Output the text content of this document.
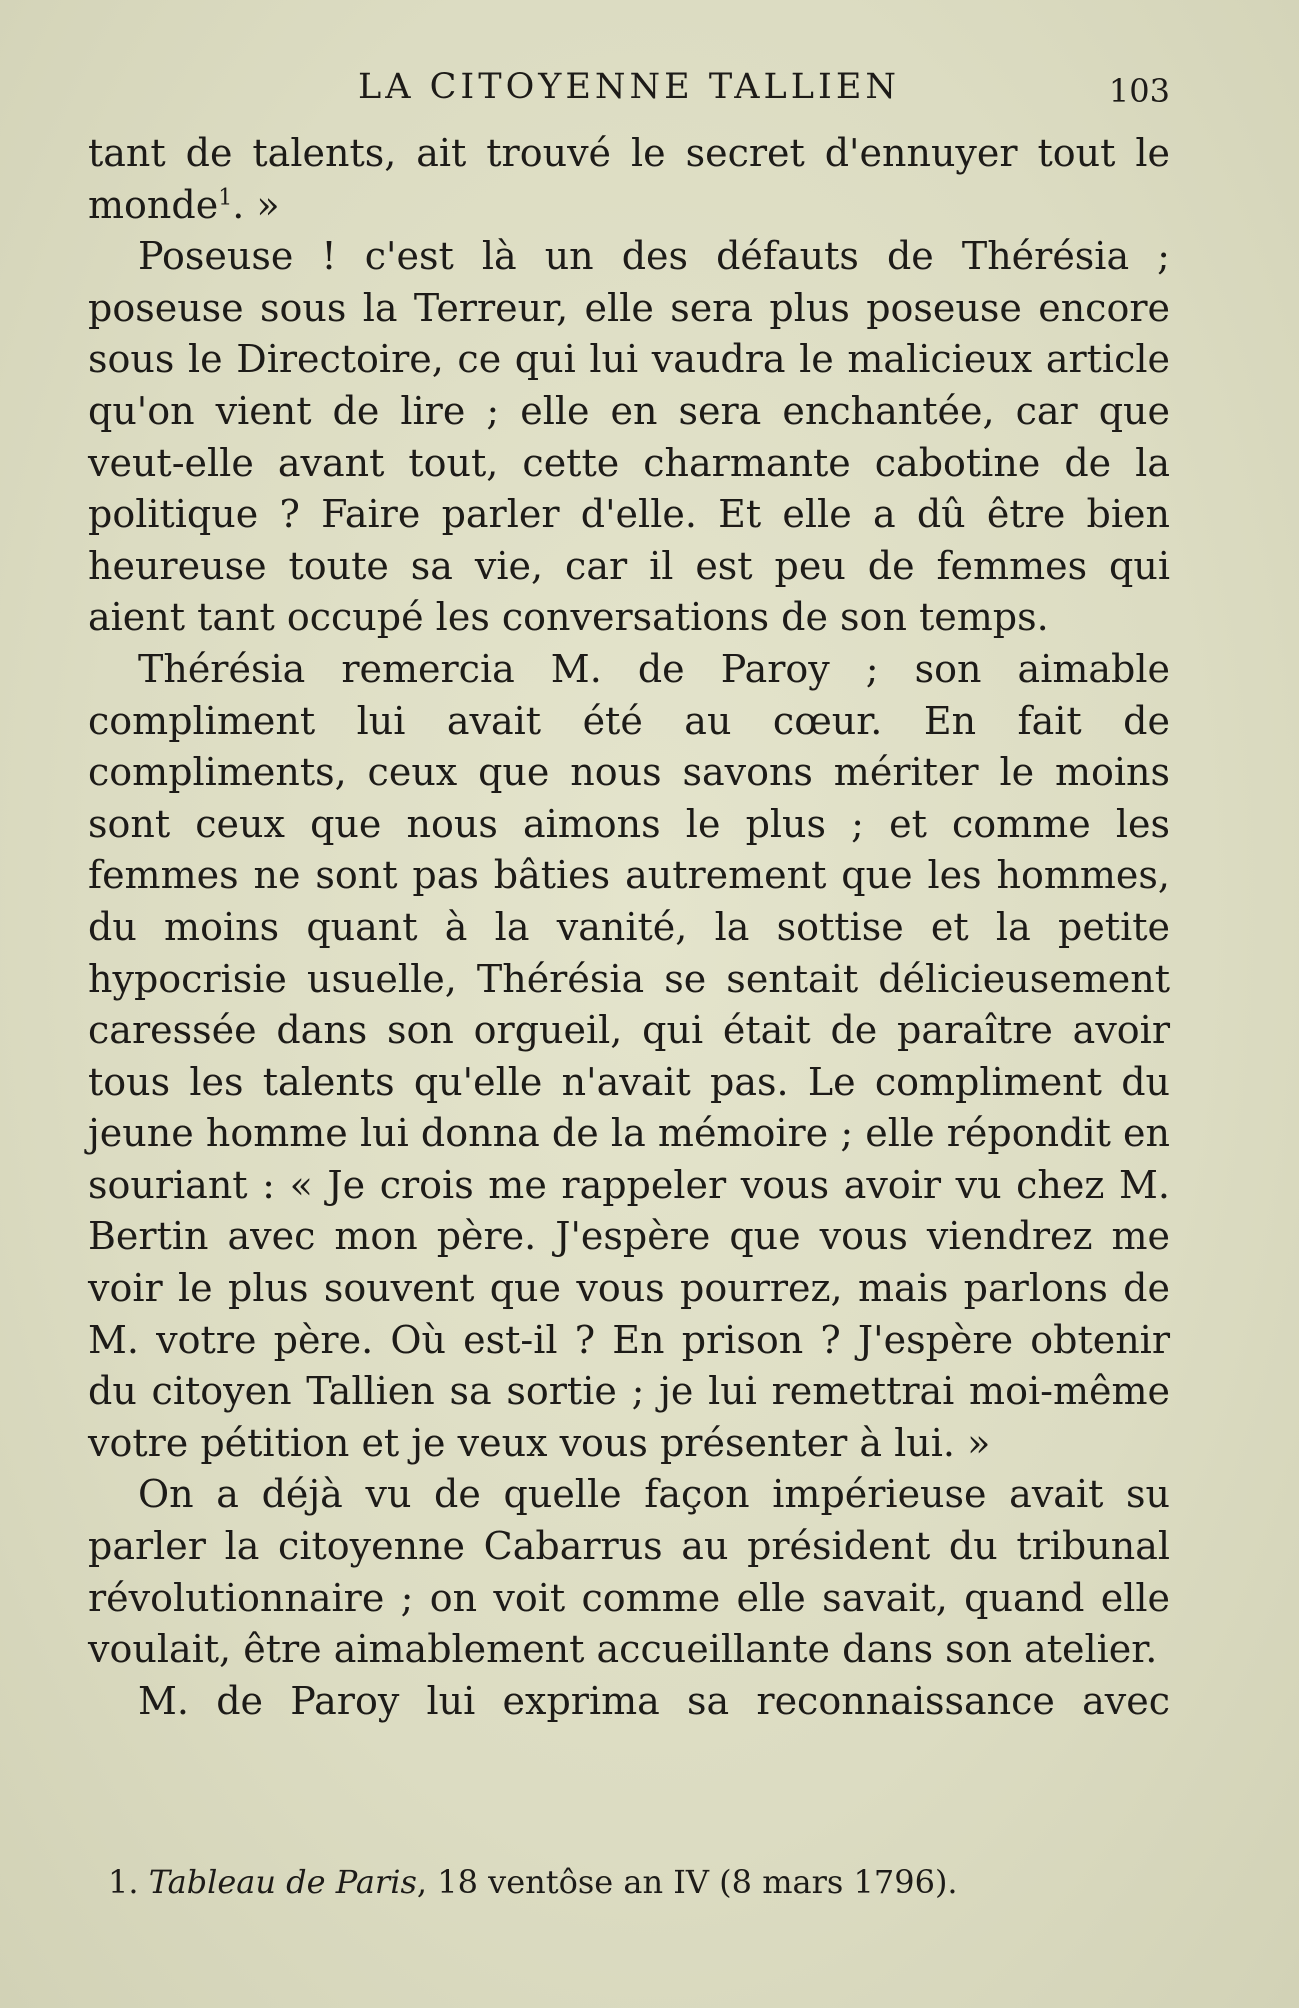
LA CITOYENNE TALLIEN	103

tant de talents, ait trouvé le secret d'ennuyer tout le monde$^1$. »

Poseuse ! c'est là un des défauts de Thérésia ; poseuse sous la Terreur, elle sera plus poseuse encore sous le Directoire, ce qui lui vaudra le malicieux article qu'on vient de lire ; elle en sera enchantée, car que veut-elle avant tout, cette charmante cabotine de la politique ? Faire parler d'elle. Et elle a dû être bien heureuse toute sa vie, car il est peu de femmes qui aient tant occupé les conversations de son temps.

Thérésia remercia M. de Paroy ; son aimable compliment lui avait été au cœur. En fait de compliments, ceux que nous savons mériter le moins sont ceux que nous aimons le plus ; et comme les femmes ne sont pas bâties autrement que les hommes, du moins quant à la vanité, la sottise et la petite hypocrisie usuelle, Thérésia se sentait délicieusement caressée dans son orgueil, qui était de paraître avoir tous les talents qu'elle n'avait pas. Le compliment du jeune homme lui donna de la mémoire ; elle répondit en souriant : « Je crois me rappeler vous avoir vu chez M. Bertin avec mon père. J'espère que vous viendrez me voir le plus souvent que vous pourrez, mais parlons de M. votre père. Où est-il ? En prison ? J'espère obtenir du citoyen Tallien sa sortie ; je lui remettrai moi-même votre pétition et je veux vous présenter à lui. »

On a déjà vu de quelle façon impérieuse avait su parler la citoyenne Cabarrus au président du tribunal révolutionnaire ; on voit comme elle savait, quand elle voulait, être aimablement accueillante dans son atelier.

M. de Paroy lui exprima sa reconnaissance avec

1. Tableau de Paris, 18 ventôse an IV (8 mars 1796).
